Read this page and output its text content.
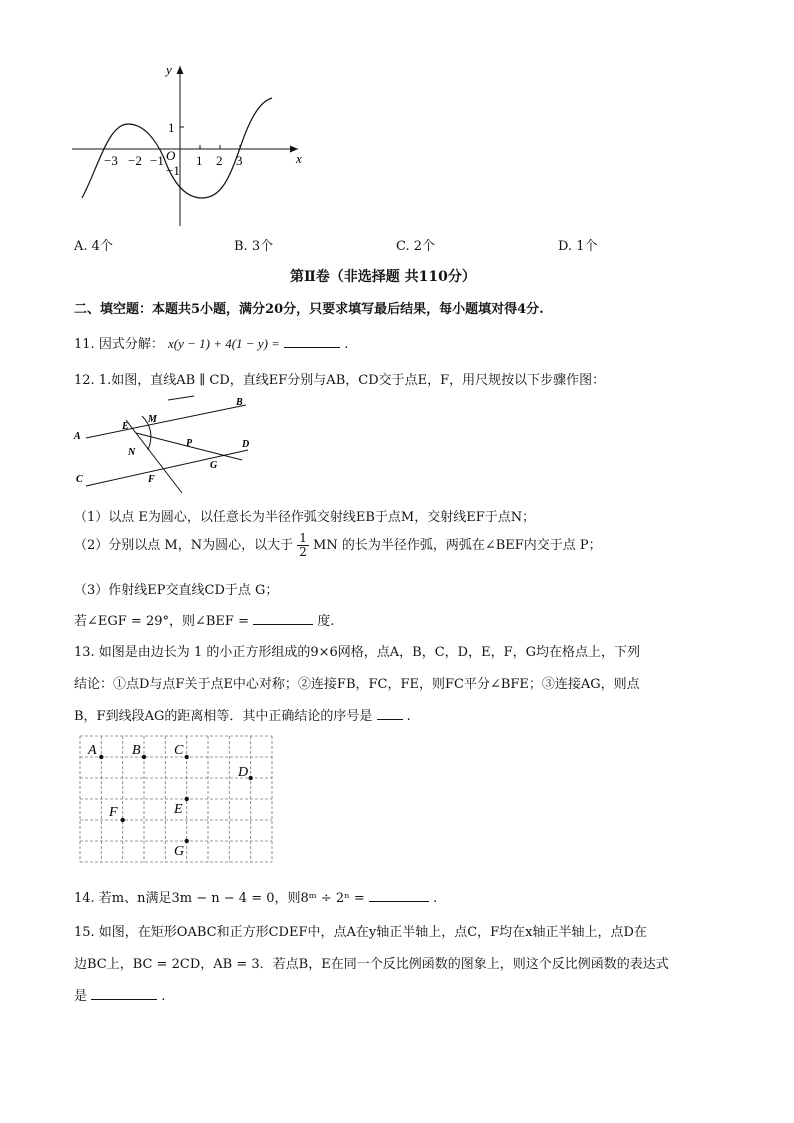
y
x
O
−3 −2 −1 1 2 3
1
−1
A. 4个	B. 3个	C. 2个	D. 1个
第Ⅱ卷（非选择题 共110分）
二、填空题：本题共5小题，满分20分，只要求填写最后结果，每小题填对得4分.
11. 因式分解： x(y − 1) + 4(1 − y) =	.
12. 1.如图，直线AB ∥ CD，直线EF分别与AB，CD交于点E，F，用尺规按以下步骤作图：
A
B
C
D
E
M
N
P
F
G
（1）以点 E为圆心，以任意长为半径作弧交射线EB于点M，交射线EF于点N；
（2）分别以点 M，N为圆心，以大于 $\frac{1}{2}$ MN 的长为半径作弧，两弧在∠BEF内交于点 P；
（3）作射线EP交直线CD于点 G；
若∠EGF = 29°，则∠BEF =	度.
13. 如图是由边长为 1 的小正方形组成的9×6网格，点A，B，C，D，E，F，G均在格点上，下列
结论：①点D与点F关于点E中心对称；②连接FB，FC，FE，则FC平分∠BFE；③连接AG，则点
B，F到线段AG的距离相等．其中正确结论的序号是	.
A	B C
D
E
F
G
14. 若m、n满足3m − n − 4 = 0，则8ᵐ ÷ 2ⁿ =	.
15. 如图，在矩形OABC和正方形CDEF中，点A在y轴正半轴上，点C，F均在x轴正半轴上，点D在
边BC上，BC = 2CD，AB = 3．若点B，E在同一个反比例函数的图象上，则这个反比例函数的表达式
是	.
